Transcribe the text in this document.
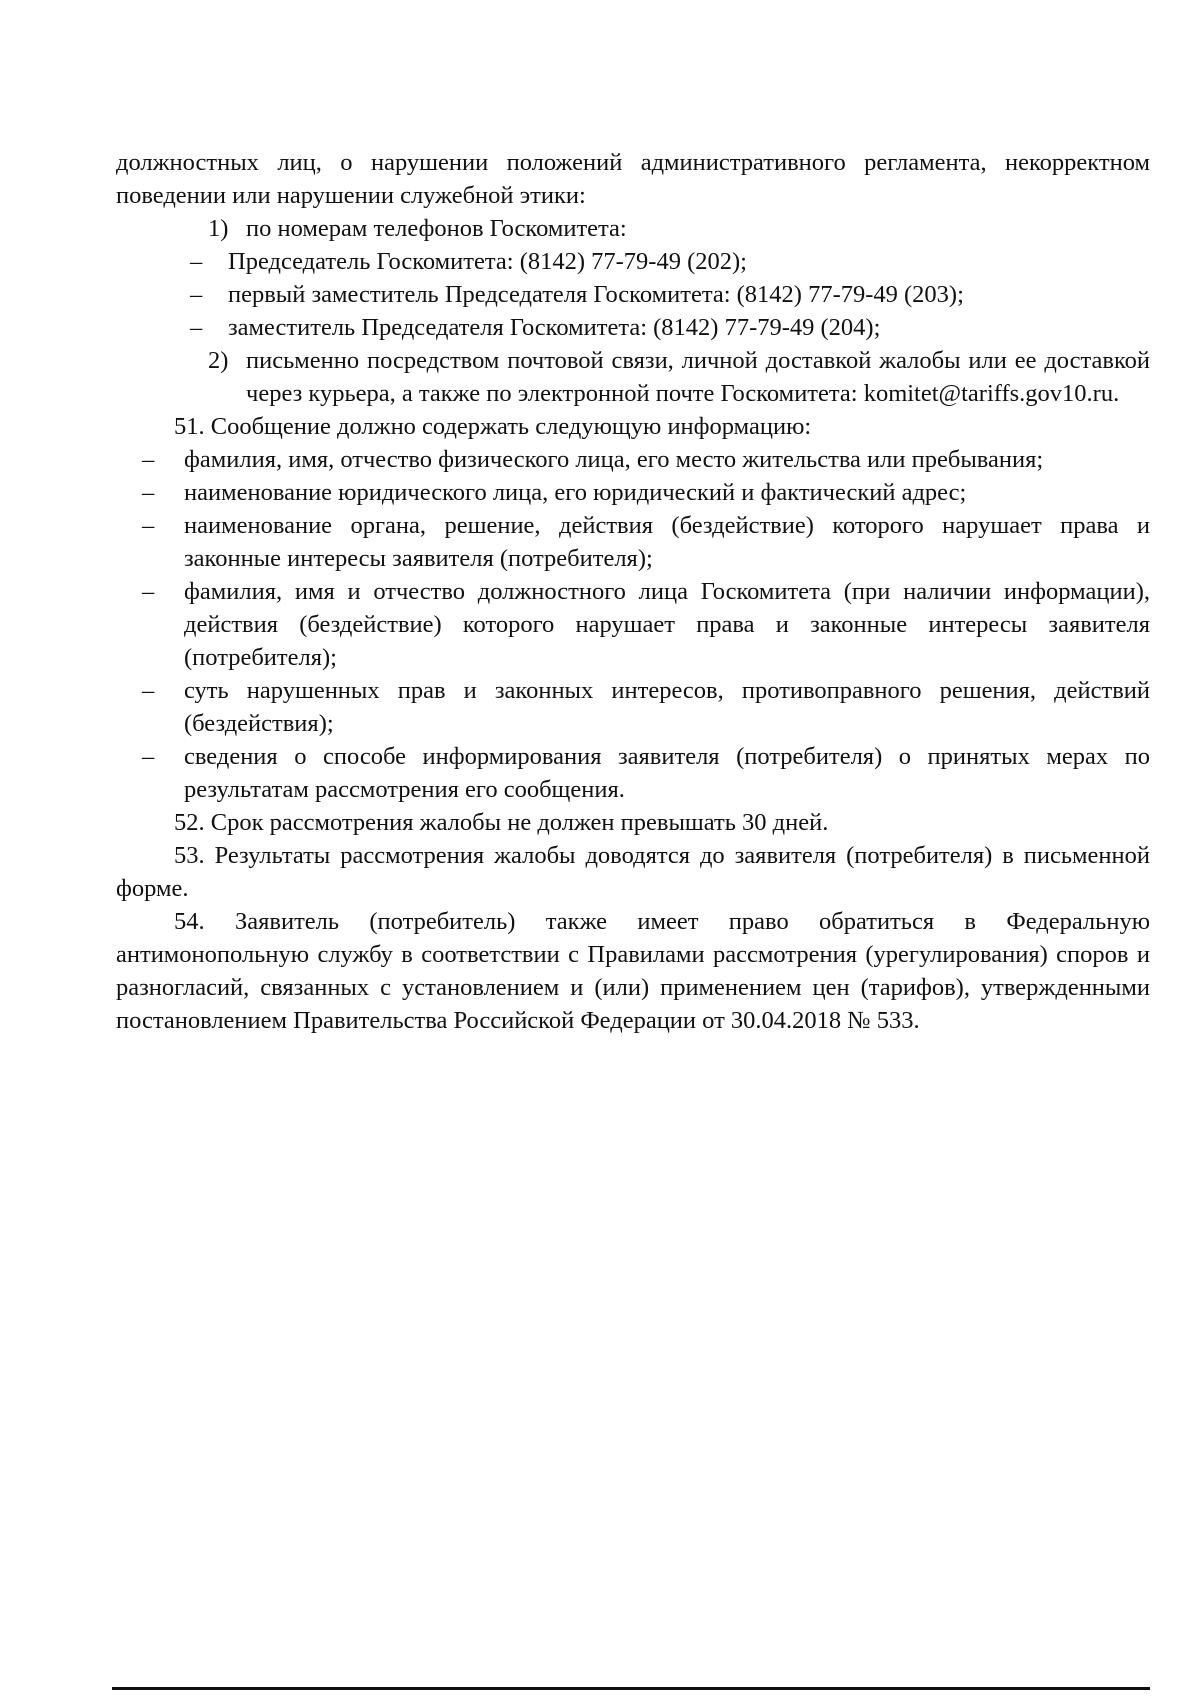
должностных лиц, о нарушении положений административного регламента, некорректном поведении или нарушении служебной этики:

1) по номерам телефонов Госкомитета:
–	Председатель Госкомитета: (8142) 77-79-49 (202);
–	первый заместитель Председателя Госкомитета: (8142) 77-79-49 (203);
–	заместитель Председателя Госкомитета: (8142) 77-79-49 (204);
2) письменно посредством почтовой связи, личной доставкой жалобы или ее доставкой через курьера, а также по электронной почте Госкомитета: komitet@tariffs.gov10.ru.

51. Сообщение должно содержать следующую информацию:

–	фамилия, имя, отчество физического лица, его место жительства или пребывания;
–	наименование юридического лица, его юридический и фактический адрес;
–	наименование органа, решение, действия (бездействие) которого нарушает права и законные интересы заявителя (потребителя);
–	фамилия, имя и отчество должностного лица Госкомитета (при наличии информации), действия (бездействие) которого нарушает права и законные интересы заявителя (потребителя);
–	суть нарушенных прав и законных интересов, противоправного решения, действий (бездействия);
–	сведения о способе информирования заявителя (потребителя) о принятых мерах по результатам рассмотрения его сообщения.

52. Срок рассмотрения жалобы не должен превышать 30 дней.

53. Результаты рассмотрения жалобы доводятся до заявителя (потребителя) в письменной форме.

54. Заявитель (потребитель) также имеет право обратиться в Федеральную антимонопольную службу в соответствии с Правилами рассмотрения (урегулирования) споров и разногласий, связанных с установлением и (или) применением цен (тарифов), утвержденными постановлением Правительства Российской Федерации от 30.04.2018 № 533.
